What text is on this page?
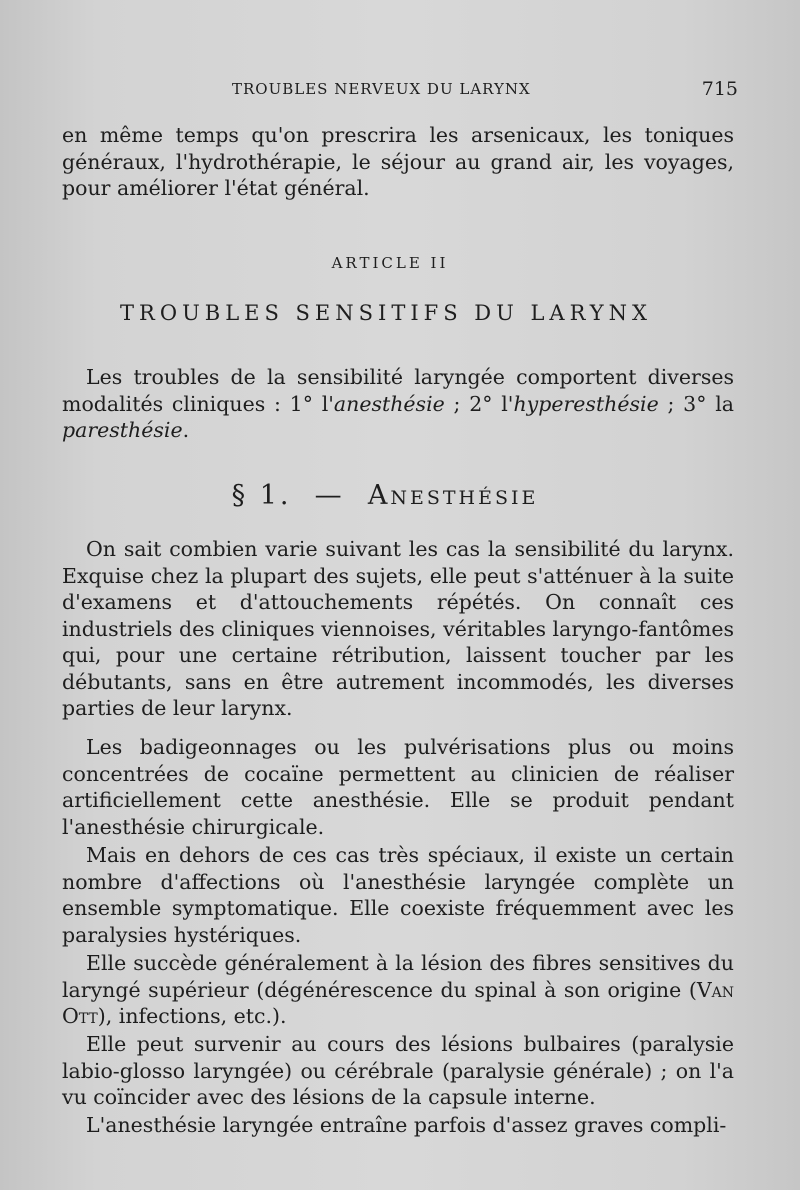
TROUBLES NERVEUX DU LARYNX	715

en même temps qu'on prescrira les arsenicaux, les toniques généraux, l'hydrothérapie, le séjour au grand air, les voyages, pour améliorer l'état général.

ARTICLE II
TROUBLES SENSITIFS DU LARYNX

Les troubles de la sensibilité laryngée comportent diverses modalités cliniques : 1° l'anesthésie ; 2° l'hyperesthésie ; 3° la paresthésie.

§ 1. — Anesthésie

On sait combien varie suivant les cas la sensibilité du larynx. Exquise chez la plupart des sujets, elle peut s'atténuer à la suite d'examens et d'attouchements répétés. On connaît ces industriels des cliniques viennoises, véritables laryngo-fantômes qui, pour une certaine rétribution, laissent toucher par les débutants, sans en être autrement incommodés, les diverses parties de leur larynx.

Les badigeonnages ou les pulvérisations plus ou moins concentrées de cocaïne permettent au clinicien de réaliser artificiellement cette anesthésie. Elle se produit pendant l'anesthésie chirurgicale.

Mais en dehors de ces cas très spéciaux, il existe un certain nombre d'affections où l'anesthésie laryngée complète un ensemble symptomatique. Elle coexiste fréquemment avec les paralysies hystériques.

Elle succède généralement à la lésion des fibres sensitives du laryngé supérieur (dégénérescence du spinal à son origine (Van Ott), infections, etc.).

Elle peut survenir au cours des lésions bulbaires (paralysie labio-glosso laryngée) ou cérébrale (paralysie générale) ; on l'a vu coïncider avec des lésions de la capsule interne.

L'anesthésie laryngée entraîne parfois d'assez graves compli-
